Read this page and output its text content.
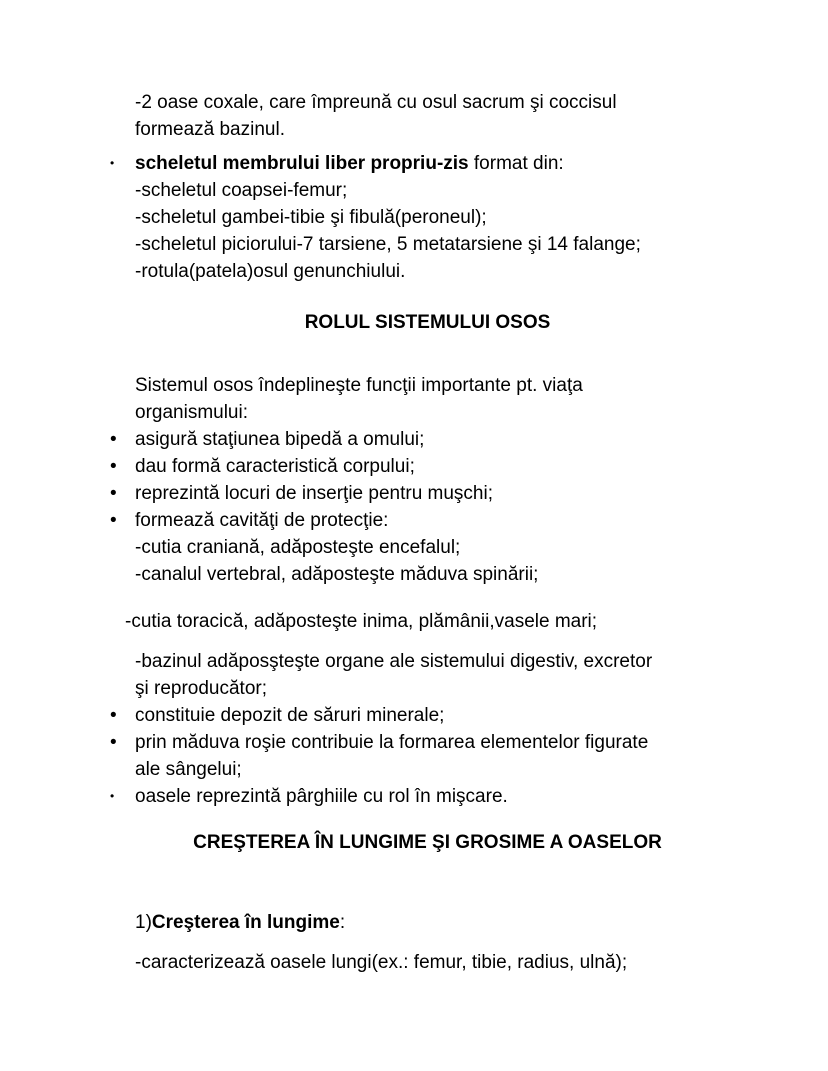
-2 oase coxale, care împreună cu osul sacrum şi coccisul
formează bazinul.
•	scheletul membrului liber propriu-zis format din:
-scheletul coapsei-femur;
-scheletul gambei-tibie şi fibulă(peroneul);
-scheletul piciorului-7 tarsiene, 5 metatarsiene şi 14 falange;
-rotula(patela)osul genunchiului.
ROLUL SISTEMULUI OSOS
Sistemul osos îndeplineşte funcţii importante pt. viaţa
organismului:
• asigură staţiunea bipedă a omului;
• dau formă caracteristică corpului;
• reprezintă locuri de inserţie pentru muşchi;
• formează cavităţi de protecţie:
-cutia craniană, adăposteşte encefalul;
-canalul vertebral, adăposteşte măduva spinării;
-cutia toracică, adăposteşte inima, plămânii,vasele mari;
-bazinul adăposşteşte organe ale sistemului digestiv, excretor
şi reproducător;
• constituie depozit de săruri minerale;
• prin măduva roşie contribuie la formarea elementelor figurate
ale sângelui;
•	oasele reprezintă pârghiile cu rol în mişcare.
CREŞTEREA ÎN LUNGIME ŞI GROSIME A OASELOR
1)Creşterea în lungime:
-caracterizează oasele lungi(ex.: femur, tibie, radius, ulnă);
